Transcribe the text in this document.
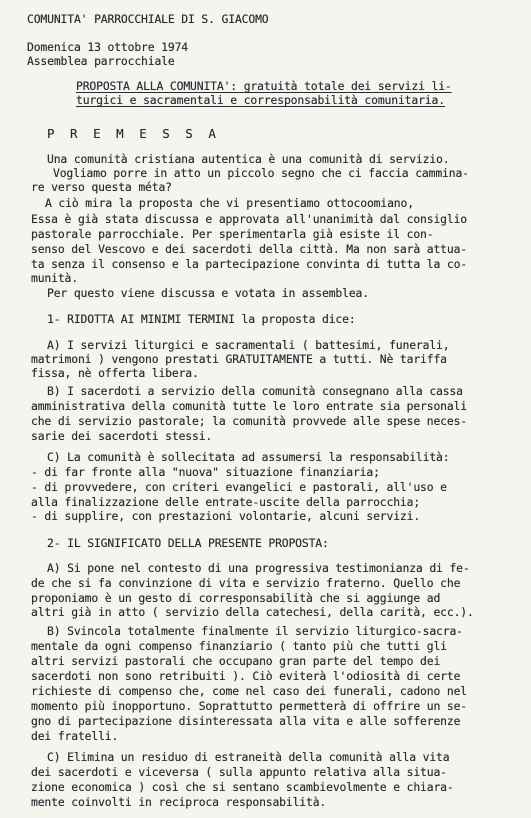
COMUNITA' PARROCCHIALE DI S. GIACOMO
Domenica 13 ottobre 1974
Assemblea parrocchiale
PROPOSTA ALLA COMUNITA': gratuità totale dei servizi li-
turgici e sacramentali e corresponsabilità comunitaria.
P R E M E S S A
Una comunità cristiana autentica è una comunità di servizio.
Vogliamo porre in atto un piccolo segno che ci faccia cammina-
re verso questa méta?
A ciò mira la proposta che vi presentiamo ottocoomiano,
Essa è già stata discussa e approvata all'unanimità dal consiglio
pastorale parrocchiale. Per sperimentarla già esiste il con-
senso del Vescovo e dei sacerdoti della città. Ma non sarà attua-
ta senza il consenso e la partecipazione convinta di tutta la co-
munità.
Per questo viene discussa e votata in assemblea.
1- RIDOTTA AI MINIMI TERMINI la proposta dice:
A) I servizi liturgici e sacramentali ( battesimi, funerali,
matrimoni ) vengono prestati GRATUITAMENTE a tutti. Nè tariffa
fissa, nè offerta libera.
B) I sacerdoti a servizio della comunità consegnano alla cassa
amministrativa della comunità tutte le loro entrate sia personali
che di servizio pastorale; la comunità provvede alle spese neces-
sarie dei sacerdoti stessi.
C) La comunità è sollecitata ad assumersi la responsabilità:
- di far fronte alla "nuova" situazione finanziaria;
- di provvedere, con criteri evangelici e pastorali, all'uso e
alla finalizzazione delle entrate-uscite della parrocchia;
- di supplire, con prestazioni volontarie, alcuni servizi.
2- IL SIGNIFICATO DELLA PRESENTE PROPOSTA:
A) Si pone nel contesto di una progressiva testimonianza di fe-
de che si fa convinzione di vita e servizio fraterno. Quello che
proponiamo è un gesto di corresponsabilità che si aggiunge ad
altri già in atto ( servizio della catechesi, della carità, ecc.).
B) Svincola totalmente finalmente il servizio liturgico-sacra-
mentale da ogni compenso finanziario ( tanto più che tutti gli
altri servizi pastorali che occupano gran parte del tempo dei
sacerdoti non sono retribuiti ). Ciò eviterà l'odiosità di certe
richieste di compenso che, come nel caso dei funerali, cadono nel
momento più inopportuno. Soprattutto permetterà di offrire un se-
gno di partecipazione disinteressata alla vita e alle sofferenze
dei fratelli.
C) Elimina un residuo di estraneità della comunità alla vita
dei sacerdoti e viceversa ( sulla appunto relativa alla situa-
zione economica ) così che si sentano scambievolmente e chiara-
mente coinvolti in reciproca responsabilità.
